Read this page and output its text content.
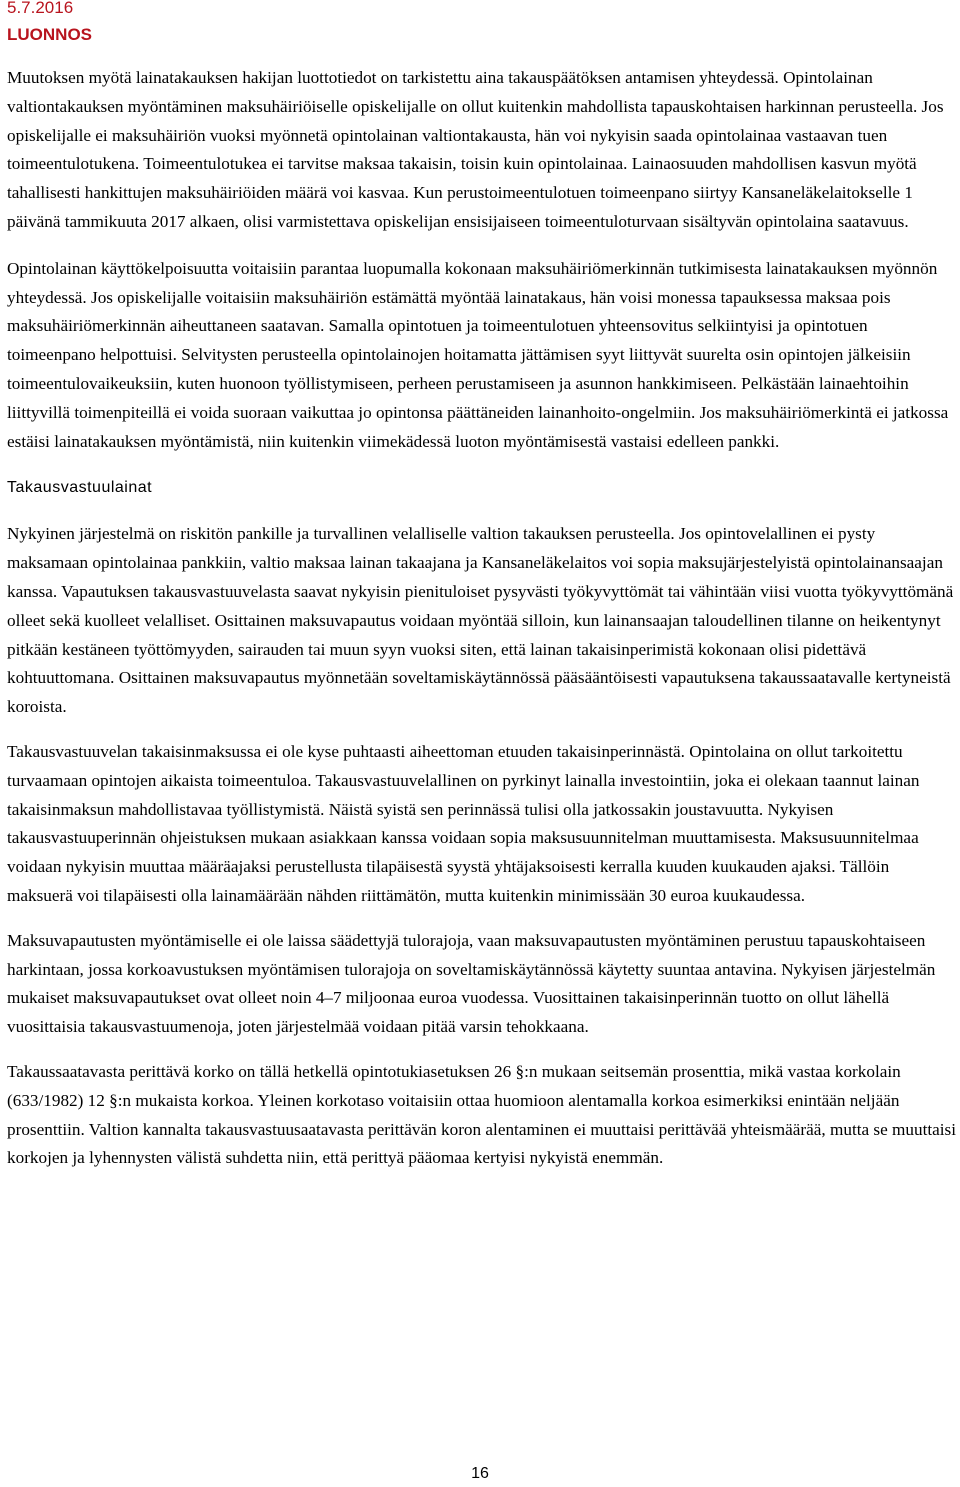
5.7.2016
LUONNOS

Muutoksen myötä lainatakauksen hakijan luottotiedot on tarkistettu aina takauspäätöksen antamisen yhteydessä. Opintolainan valtiontakauksen myöntäminen maksuhäiriöiselle opiskelijalle on ollut kuitenkin mahdollista tapauskohtaisen harkinnan perusteella. Jos opiskelijalle ei maksuhäiriön vuoksi myönnetä opintolainan valtiontakausta, hän voi nykyisin saada opintolainaa vastaavan tuen toimeentulotukena. Toimeentulotukea ei tarvitse maksaa takaisin, toisin kuin opintolainaa. Lainaosuuden mahdollisen kasvun myötä tahallisesti hankittujen maksuhäiriöiden määrä voi kasvaa. Kun perustoimeentulotuen toimeenpano siirtyy Kansaneläkelaitokselle 1 päivänä tammikuuta 2017 alkaen, olisi varmistettava opiskelijan ensisijaiseen toimeentuloturvaan sisältyvän opintolaina saatavuus.

Opintolainan käyttökelpoisuutta voitaisiin parantaa luopumalla kokonaan maksuhäiriömerkinnän tutkimisesta lainatakauksen myönnön yhteydessä. Jos opiskelijalle voitaisiin maksuhäiriön estämättä myöntää lainatakaus, hän voisi monessa tapauksessa maksaa pois maksuhäiriömerkinnän aiheuttaneen saatavan. Samalla opintotuen ja toimeentulotuen yhteensovitus selkiintyisi ja opintotuen toimeenpano helpottuisi. Selvitysten perusteella opintolainojen hoitamatta jättämisen syyt liittyvät suurelta osin opintojen jälkeisiin toimeentulovaikeuksiin, kuten huonoon työllistymiseen, perheen perustamiseen ja asunnon hankkimiseen. Pelkästään lainaehtoihin liittyvillä toimenpiteillä ei voida suoraan vaikuttaa jo opintonsa päättäneiden lainanhoito-ongelmiin. Jos maksuhäiriömerkintä ei jatkossa estäisi lainatakauksen myöntämistä, niin kuitenkin viimekädessä luoton myöntämisestä vastaisi edelleen pankki.

Takausvastuulainat

Nykyinen järjestelmä on riskitön pankille ja turvallinen velalliselle valtion takauksen perusteella. Jos opintovelallinen ei pysty maksamaan opintolainaa pankkiin, valtio maksaa lainan takaajana ja Kansaneläkelaitos voi sopia maksujärjestelyistä opintolainansaajan kanssa. Vapautuksen takausvastuuvelasta saavat nykyisin pienituloiset pysyvästi työkyvyttömät tai vähintään viisi vuotta työkyvyttömänä olleet sekä kuolleet velalliset. Osittainen maksuvapautus voidaan myöntää silloin, kun lainansaajan taloudellinen tilanne on heikentynyt pitkään kestäneen työttömyyden, sairauden tai muun syyn vuoksi siten, että lainan takaisinperimistä kokonaan olisi pidettävä kohtuuttomana. Osittainen maksuvapautus myönnetään soveltamiskäytännössä pääsääntöisesti vapautuksena takaussaatavalle kertyneistä koroista.

Takausvastuuvelan takaisinmaksussa ei ole kyse puhtaasti aiheettoman etuuden takaisinperinnästä. Opintolaina on ollut tarkoitettu turvaamaan opintojen aikaista toimeentuloa. Takausvastuuvelallinen on pyrkinyt lainalla investointiin, joka ei olekaan taannut lainan takaisinmaksun mahdollistavaa työllistymistä. Näistä syistä sen perinnässä tulisi olla jatkossakin joustavuutta. Nykyisen takausvastuuperinnän ohjeistuksen mukaan asiakkaan kanssa voidaan sopia maksusuunnitelman muuttamisesta. Maksusuunnitelmaa voidaan nykyisin muuttaa määräajaksi perustellusta tilapäisestä syystä yhtäjaksoisesti kerralla kuuden kuukauden ajaksi. Tällöin maksuerä voi tilapäisesti olla lainamäärään nähden riittämätön, mutta kuitenkin minimissään 30 euroa kuukaudessa.

Maksuvapautusten myöntämiselle ei ole laissa säädettyjä tulorajoja, vaan maksuvapautusten myöntäminen perustuu tapauskohtaiseen harkintaan, jossa korkoavustuksen myöntämisen tulorajoja on soveltamiskäytännössä käytetty suuntaa antavina. Nykyisen järjestelmän mukaiset maksuvapautukset ovat olleet noin 4–7 miljoonaa euroa vuodessa. Vuosittainen takaisinperinnän tuotto on ollut lähellä vuosittaisia takausvastuumenoja, joten järjestelmää voidaan pitää varsin tehokkaana.

Takaussaatavasta perittävä korko on tällä hetkellä opintotukiasetuksen 26 §:n mukaan seitsemän prosenttia, mikä vastaa korkolain (633/1982) 12 §:n mukaista korkoa. Yleinen korkotaso voitaisiin ottaa huomioon alentamalla korkoa esimerkiksi enintään neljään prosenttiin. Valtion kannalta takausvastuusaatavasta perittävän koron alentaminen ei muuttaisi perittävää yhteismäärää, mutta se muuttaisi korkojen ja lyhennysten välistä suhdetta niin, että perittyä pääomaa kertyisi nykyistä enemmän.

16
